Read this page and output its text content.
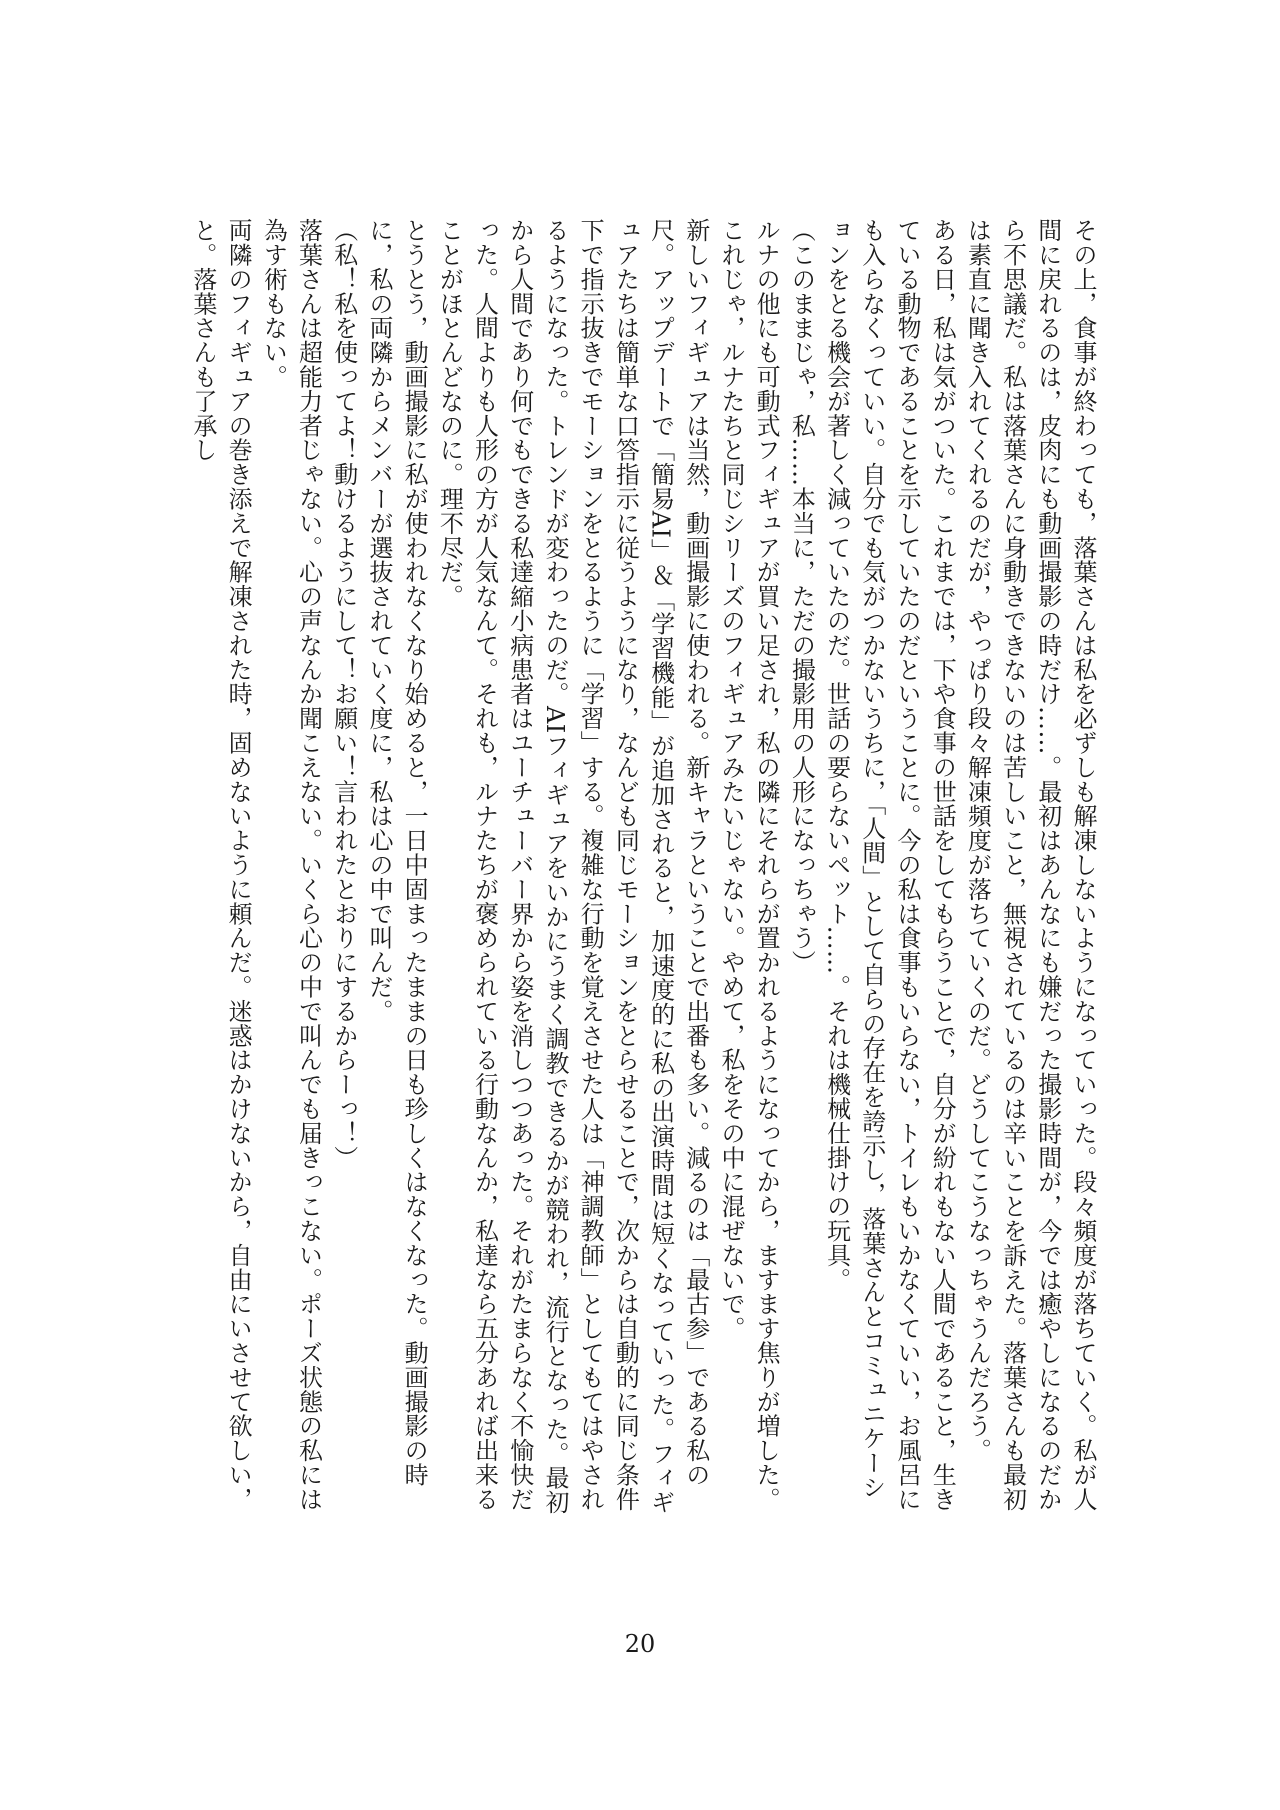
その上，食事が終わっても，落葉さんは私を必ずしも解凍しないようになっていった。段々頻度が落ちていく。私が人間に戻れるのは，皮肉にも動画撮影の時だけ……。最初はあんなにも嫌だった撮影時間が，今では癒やしになるのだから不思議だ。私は落葉さんに身動きできないのは苦しいこと，無視されているのは辛いことを訴えた。落葉さんも最初は素直に聞き入れてくれるのだが，やっぱり段々解凍頻度が落ちていくのだ。どうしてこうなっちゃうんだろう。

ある日，私は気がついた。これまでは，下や食事の世話をしてもらうことで，自分が紛れもない人間であること，生きている動物であることを示していたのだということに。今の私は食事もいらない，トイレもいかなくていい，お風呂にも入らなくっていい。自分でも気がつかないうちに，「人間」として自らの存在を誇示し，落葉さんとコミュニケーションをとる機会が著しく減っていたのだ。世話の要らないペット……。それは機械仕掛けの玩具。

（このままじゃ，私……本当に，ただの撮影用の人形になっちゃう）

ルナの他にも可動式フィギュアが買い足され，私の隣にそれらが置かれるようになってから，ますます焦りが増した。これじゃ，ルナたちと同じシリーズのフィギュアみたいじゃない。やめて，私をその中に混ぜないで。

新しいフィギュアは当然，動画撮影に使われる。新キャラということで出番も多い。減るのは「最古参」である私の尺。アップデートで「簡易AI」＆「学習機能」が追加されると，加速度的に私の出演時間は短くなっていった。フィギュアたちは簡単な口答指示に従うようになり，なんども同じモーションをとらせることで，次からは自動的に同じ条件下で指示抜きでモーションをとるように「学習」する。複雑な行動を覚えさせた人は「神調教師」としてもてはやされるようになった。トレンドが変わったのだ。AIフィギュアをいかにうまく調教できるかが競われ，流行となった。最初から人間であり何でもできる私達縮小病患者はユーチューバー界から姿を消しつつあった。それがたまらなく不愉快だった。人間よりも人形の方が人気なんて。それも，ルナたちが褒められている行動なんか，私達なら五分あれば出来ることがほとんどなのに。理不尽だ。

とうとう，動画撮影に私が使われなくなり始めると，一日中固まったままの日も珍しくはなくなった。動画撮影の時に，私の両隣からメンバーが選抜されていく度に，私は心の中で叫んだ。

（私！私を使ってよ！動けるようにして！お願い！言われたとおりにするからーっ！）

落葉さんは超能力者じゃない。心の声なんか聞こえない。いくら心の中で叫んでも届きっこない。ポーズ状態の私には為す術もない。

両隣のフィギュアの巻き添えで解凍された時，固めないように頼んだ。迷惑はかけないから，自由にいさせて欲しい，と。落葉さんも了承し

20
